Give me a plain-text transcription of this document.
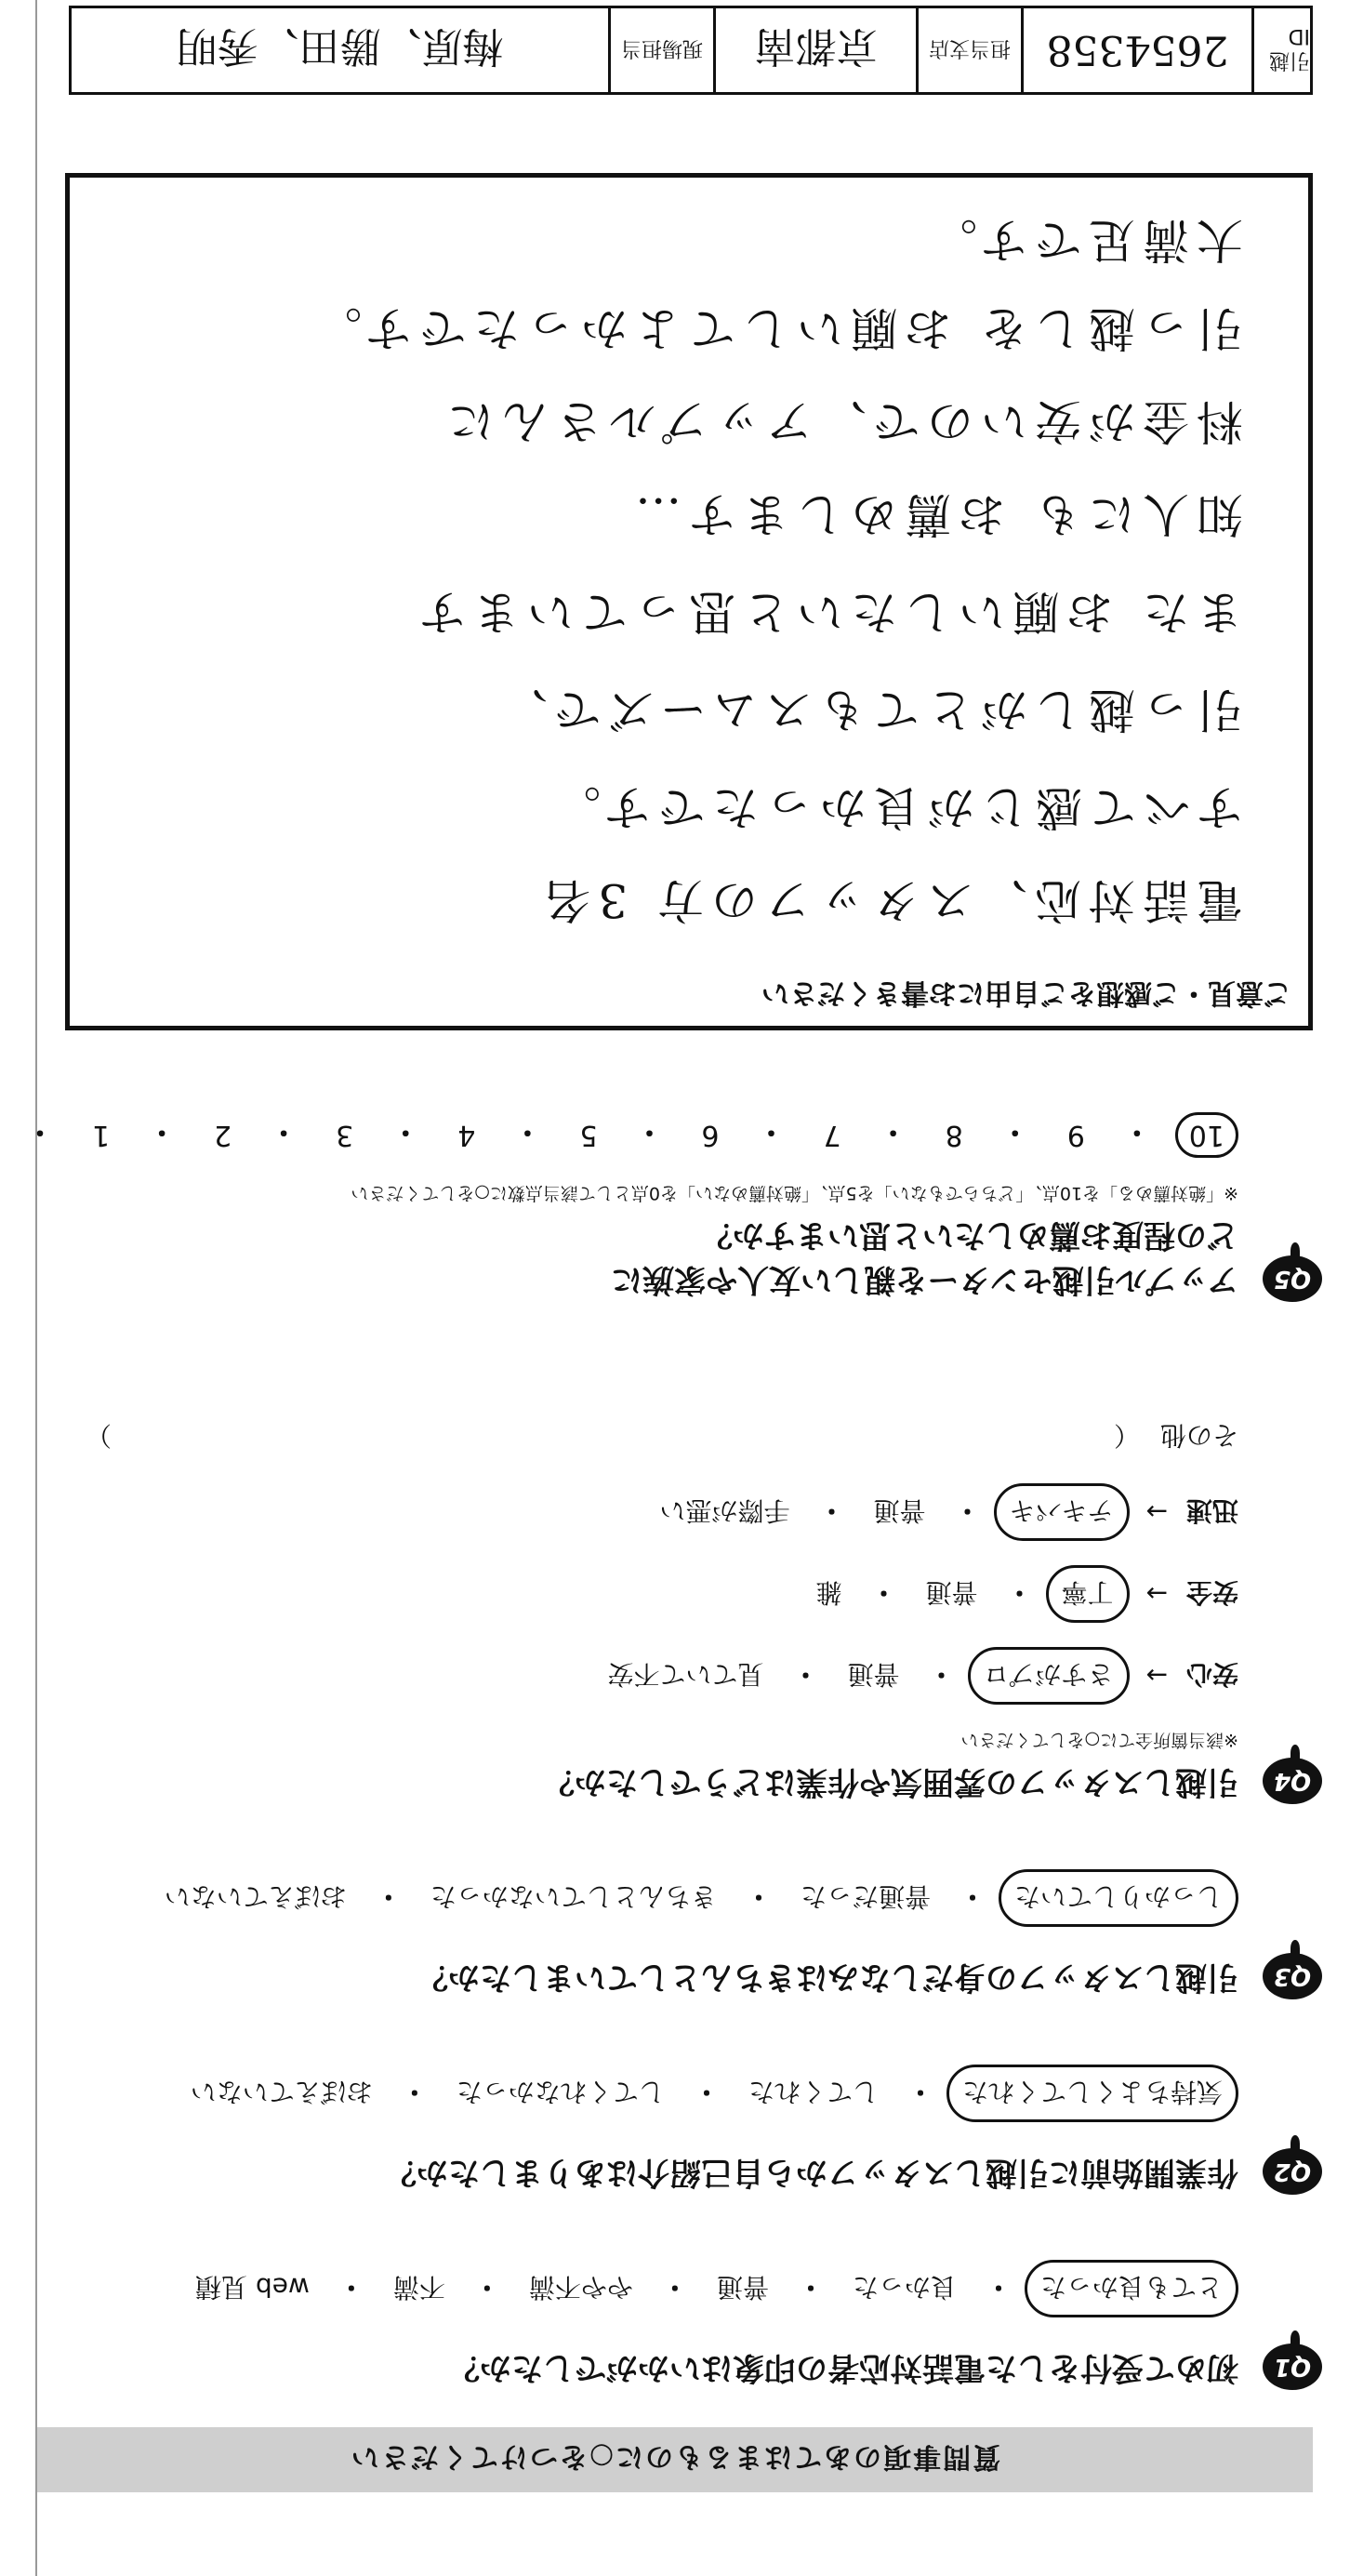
質問事項のあてはまるものに○をつけてください
Q1
初めて受付をした電話対応者の印象はいかがでしたか？
とても良かった
・
良かった
・
普通
・
やや不満
・
不満
・
web 見積
Q2
作業開始前に引越しスタッフから自己紹介はありましたか？
気持ちよくしてくれた
・
してくれた
・
してくれなかった
・
おぼえていない
Q3
引越しスタッフの身だしなみはきちんとしていましたか？
しっかりしていた
・
普通だった
・
きちんとしていなかった
・
おぼえていない
Q4
引越しスタッフの雰囲気や作業はどうでしたか？
※該当箇所全てに○をしてください
安心
→
さすがプロ
・
普通
・
見ていて不安
安全
→
丁寧
・
普通
・
雑
迅速
→
テキパキ
・
普通
・
手際が悪い
その他
（
）
Q5
アップル引越センターを親しい友人や家族に
どの程度お薦めしたいと思いますか？
※「絶対薦める」を10点、「どちらでもない」を5点、「絶対薦めない」を0点として該当点数に○をしてください
10
・
9
・
8
・
7
・
6
・
5
・
4
・
3
・
2
・
1
・
ご意見・ご感想をご自由にお書きください
電話対応、スタッフの方 3名
すべて感じが良かったです。
引っ越しがとてもスムーズで、
また お願いしたいと思っています
知人にも お薦めします…
料金が安いので、アップルさんに
引っ越しを お願いしてよかったです。
大満足です。
引越ID
2654358
担当支店
京都南
現場担当
梅原、勝田、秀明
